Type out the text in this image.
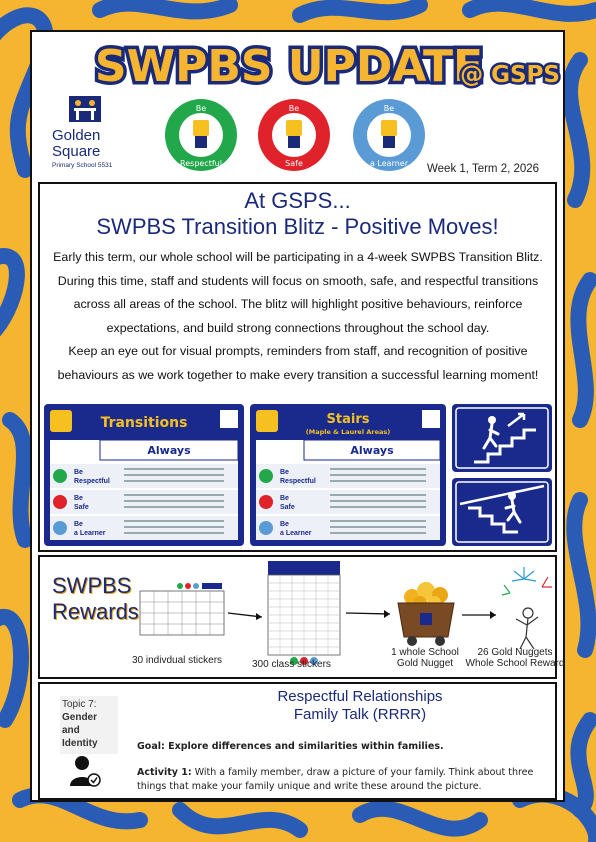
SWPBS UPDATE
@ GSPS
Golden
Square
Primary School 5531
Be
Respectful
Be
Safe
Be
a Learner Week 1, Term 2, 2026
At GSPS...
SWPBS Transition Blitz - Positive Moves!
Early this term, our whole school will be participating in a 4-week SWPBS Transition Blitz.
During this time, staff and students will focus on smooth, safe, and respectful transitions
across all areas of the school. The blitz will highlight positive behaviours, reinforce
expectations, and build strong connections throughout the school day.
Keep an eye out for visual prompts, reminders from staff, and recognition of positive
behaviours as we work together to make every transition a successful learning moment!
Transitions
Always
Be
Respectful
Be
Safe
Be
a Learner
Stairs
(Maple & Laurel Areas)
Always
Be
Respectful
Be
Safe
Be
a Learner
SWPBS
Rewards
30 indivdual stickers	300 class stickers
1 whole School
Gold Nugget
26 Gold Nuggets
Whole School Reward
Topic 7:
Gender and
Identity
Respectful Relationships
Family Talk (RRRR)
Goal: Explore differences and similarities within families.
Activity 1: With a family member, draw a picture of your family. Think about three things that make your family unique and write these around the picture.
